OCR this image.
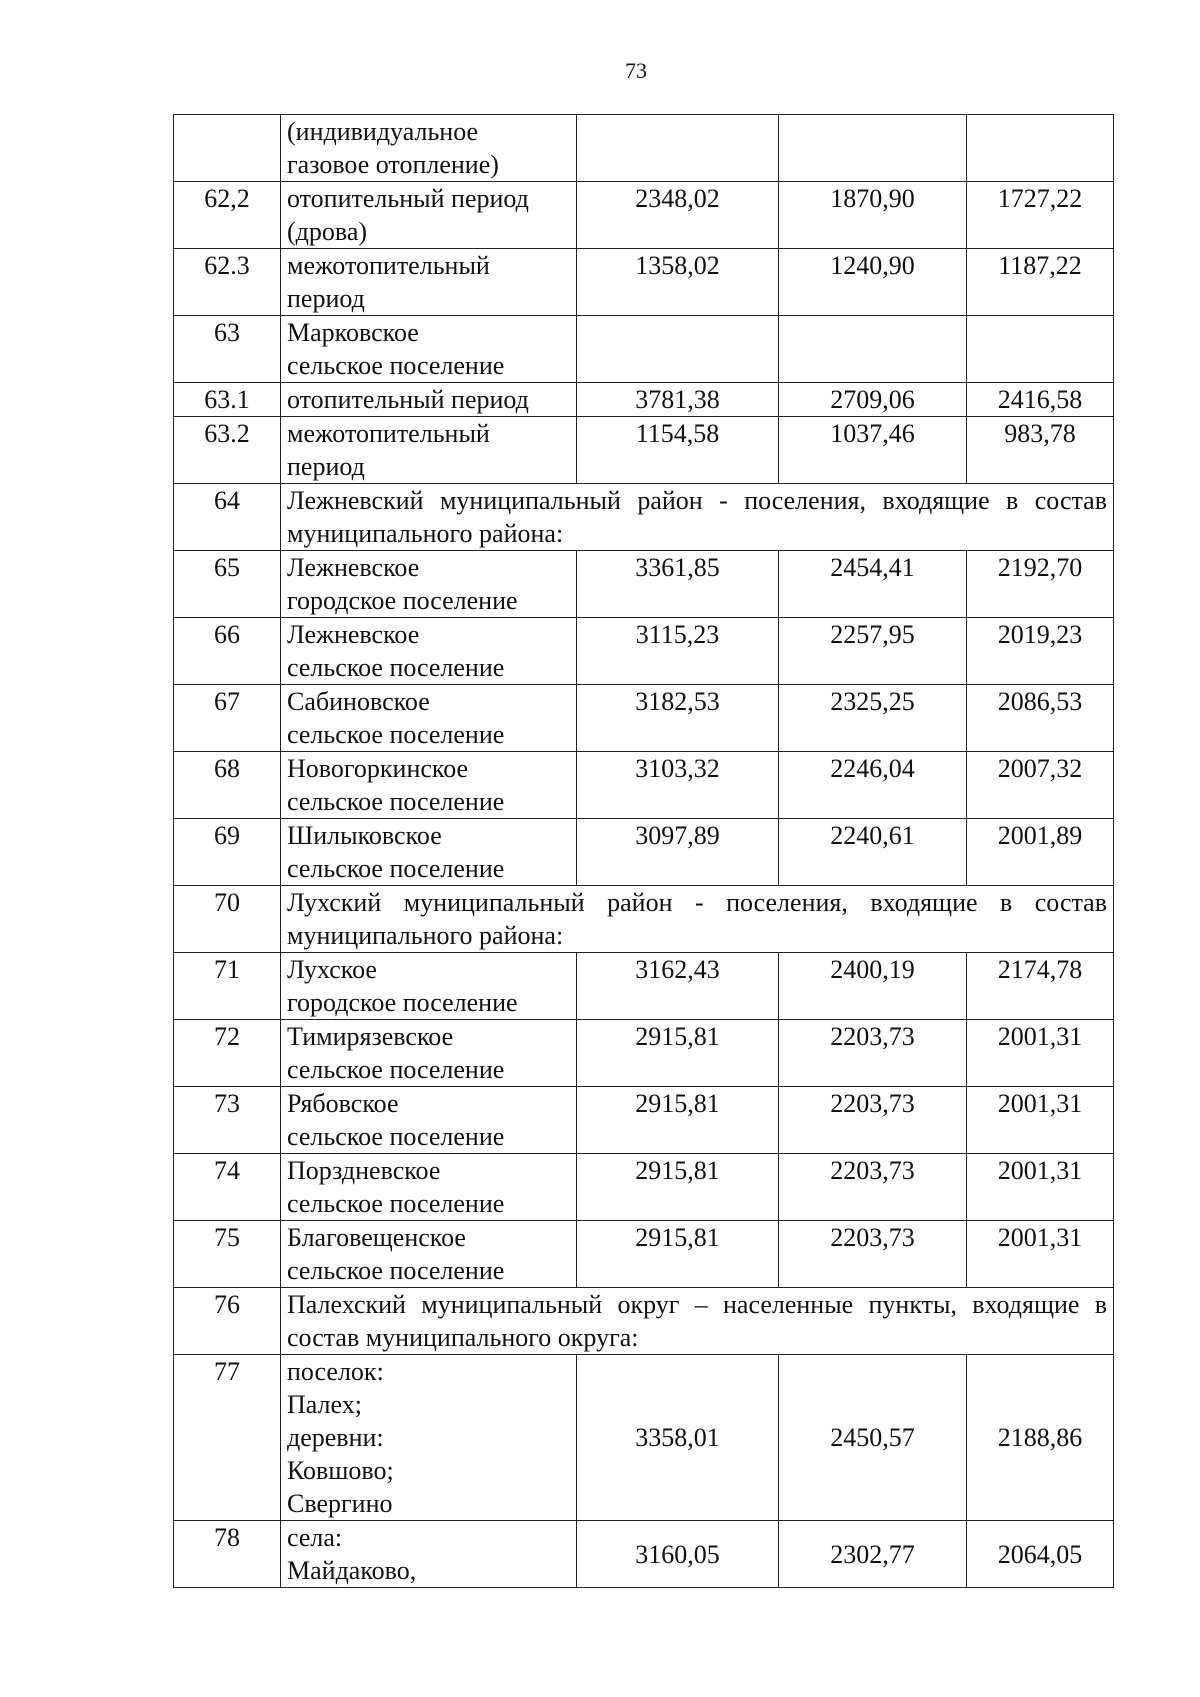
73

	(индивидуальное
газовое отопление)			

62,2	отопительный период
(дрова)	2348,02	1870,90	1727,22
62.3	межотопительный
период	1358,02	1240,90	1187,22
63	Марковское
сельское поселение			

63.1	отопительный период	3781,38	2709,06	2416,58
63.2	межотопительный
период	1154,58	1037,46	983,78
64	Лежневский муниципальный район - поселения, входящие в состав муниципального района:			
65	Лежневское
городское поселение	3361,85	2454,41	2192,70
66	Лежневское
сельское поселение	3115,23	2257,95	2019,23
67	Сабиновское
сельское поселение	3182,53	2325,25	2086,53
68	Новогоркинское
сельское поселение	3103,32	2246,04	2007,32
69	Шилыковское
сельское поселение	3097,89	2240,61	2001,89
70	Лухский муниципальный район - поселения, входящие в состав муниципального района:			
71	Лухское
городское поселение	3162,43	2400,19	2174,78
72	Тимирязевское
сельское поселение	2915,81	2203,73	2001,31
73	Рябовское
сельское поселение	2915,81	2203,73	2001,31
74	Порздневское
сельское поселение	2915,81	2203,73	2001,31
75	Благовещенское
сельское поселение	2915,81	2203,73	2001,31
76	Палехский муниципальный округ – населенные пункты, входящие в состав муниципального округа:			
77	поселок:
Палех;
деревни:
Ковшово;
Свергино	3358,01	2450,57	2188,86
78	села:
Майдаково,	3160,05	2302,77	2064,05
